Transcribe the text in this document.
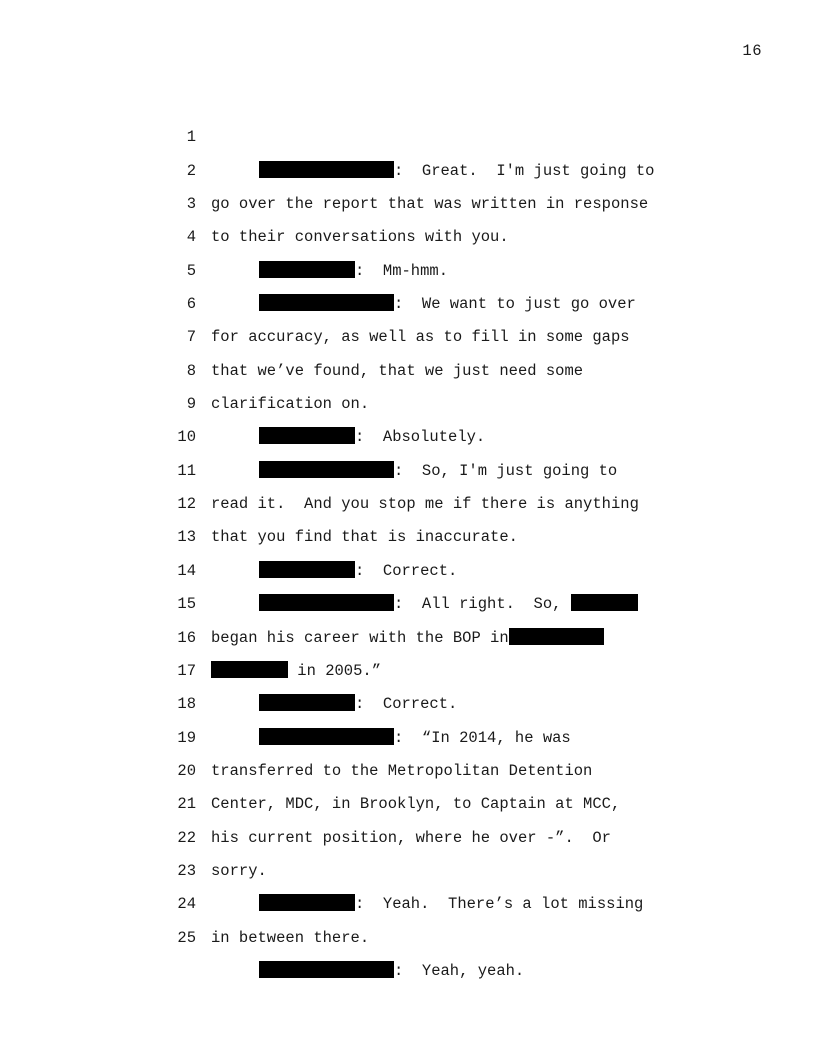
16

1

:  Great.  I'm just going to

2

go over the report that was written in response

3

to their conversations with you.

4

:  Mm-hmm.

5

:  We want to just go over

6

for accuracy, as well as to fill in some gaps

7

that we’ve found, that we just need some

8

clarification on.

9

:  Absolutely.

10

:  So, I'm just going to

11

read it.  And you stop me if there is anything

12

that you find that is inaccurate.

13

:  Correct.

14

:  All right.  So,

15

began his career with the BOP in

16

in 2005.”

17

:  Correct.

18

:  “In 2014, he was

19

transferred to the Metropolitan Detention

20

Center, MDC, in Brooklyn, to Captain at MCC,

21

his current position, where he over -”.  Or

22

sorry.

23

:  Yeah.  There’s a lot missing

24

in between there.

25

:  Yeah, yeah.
